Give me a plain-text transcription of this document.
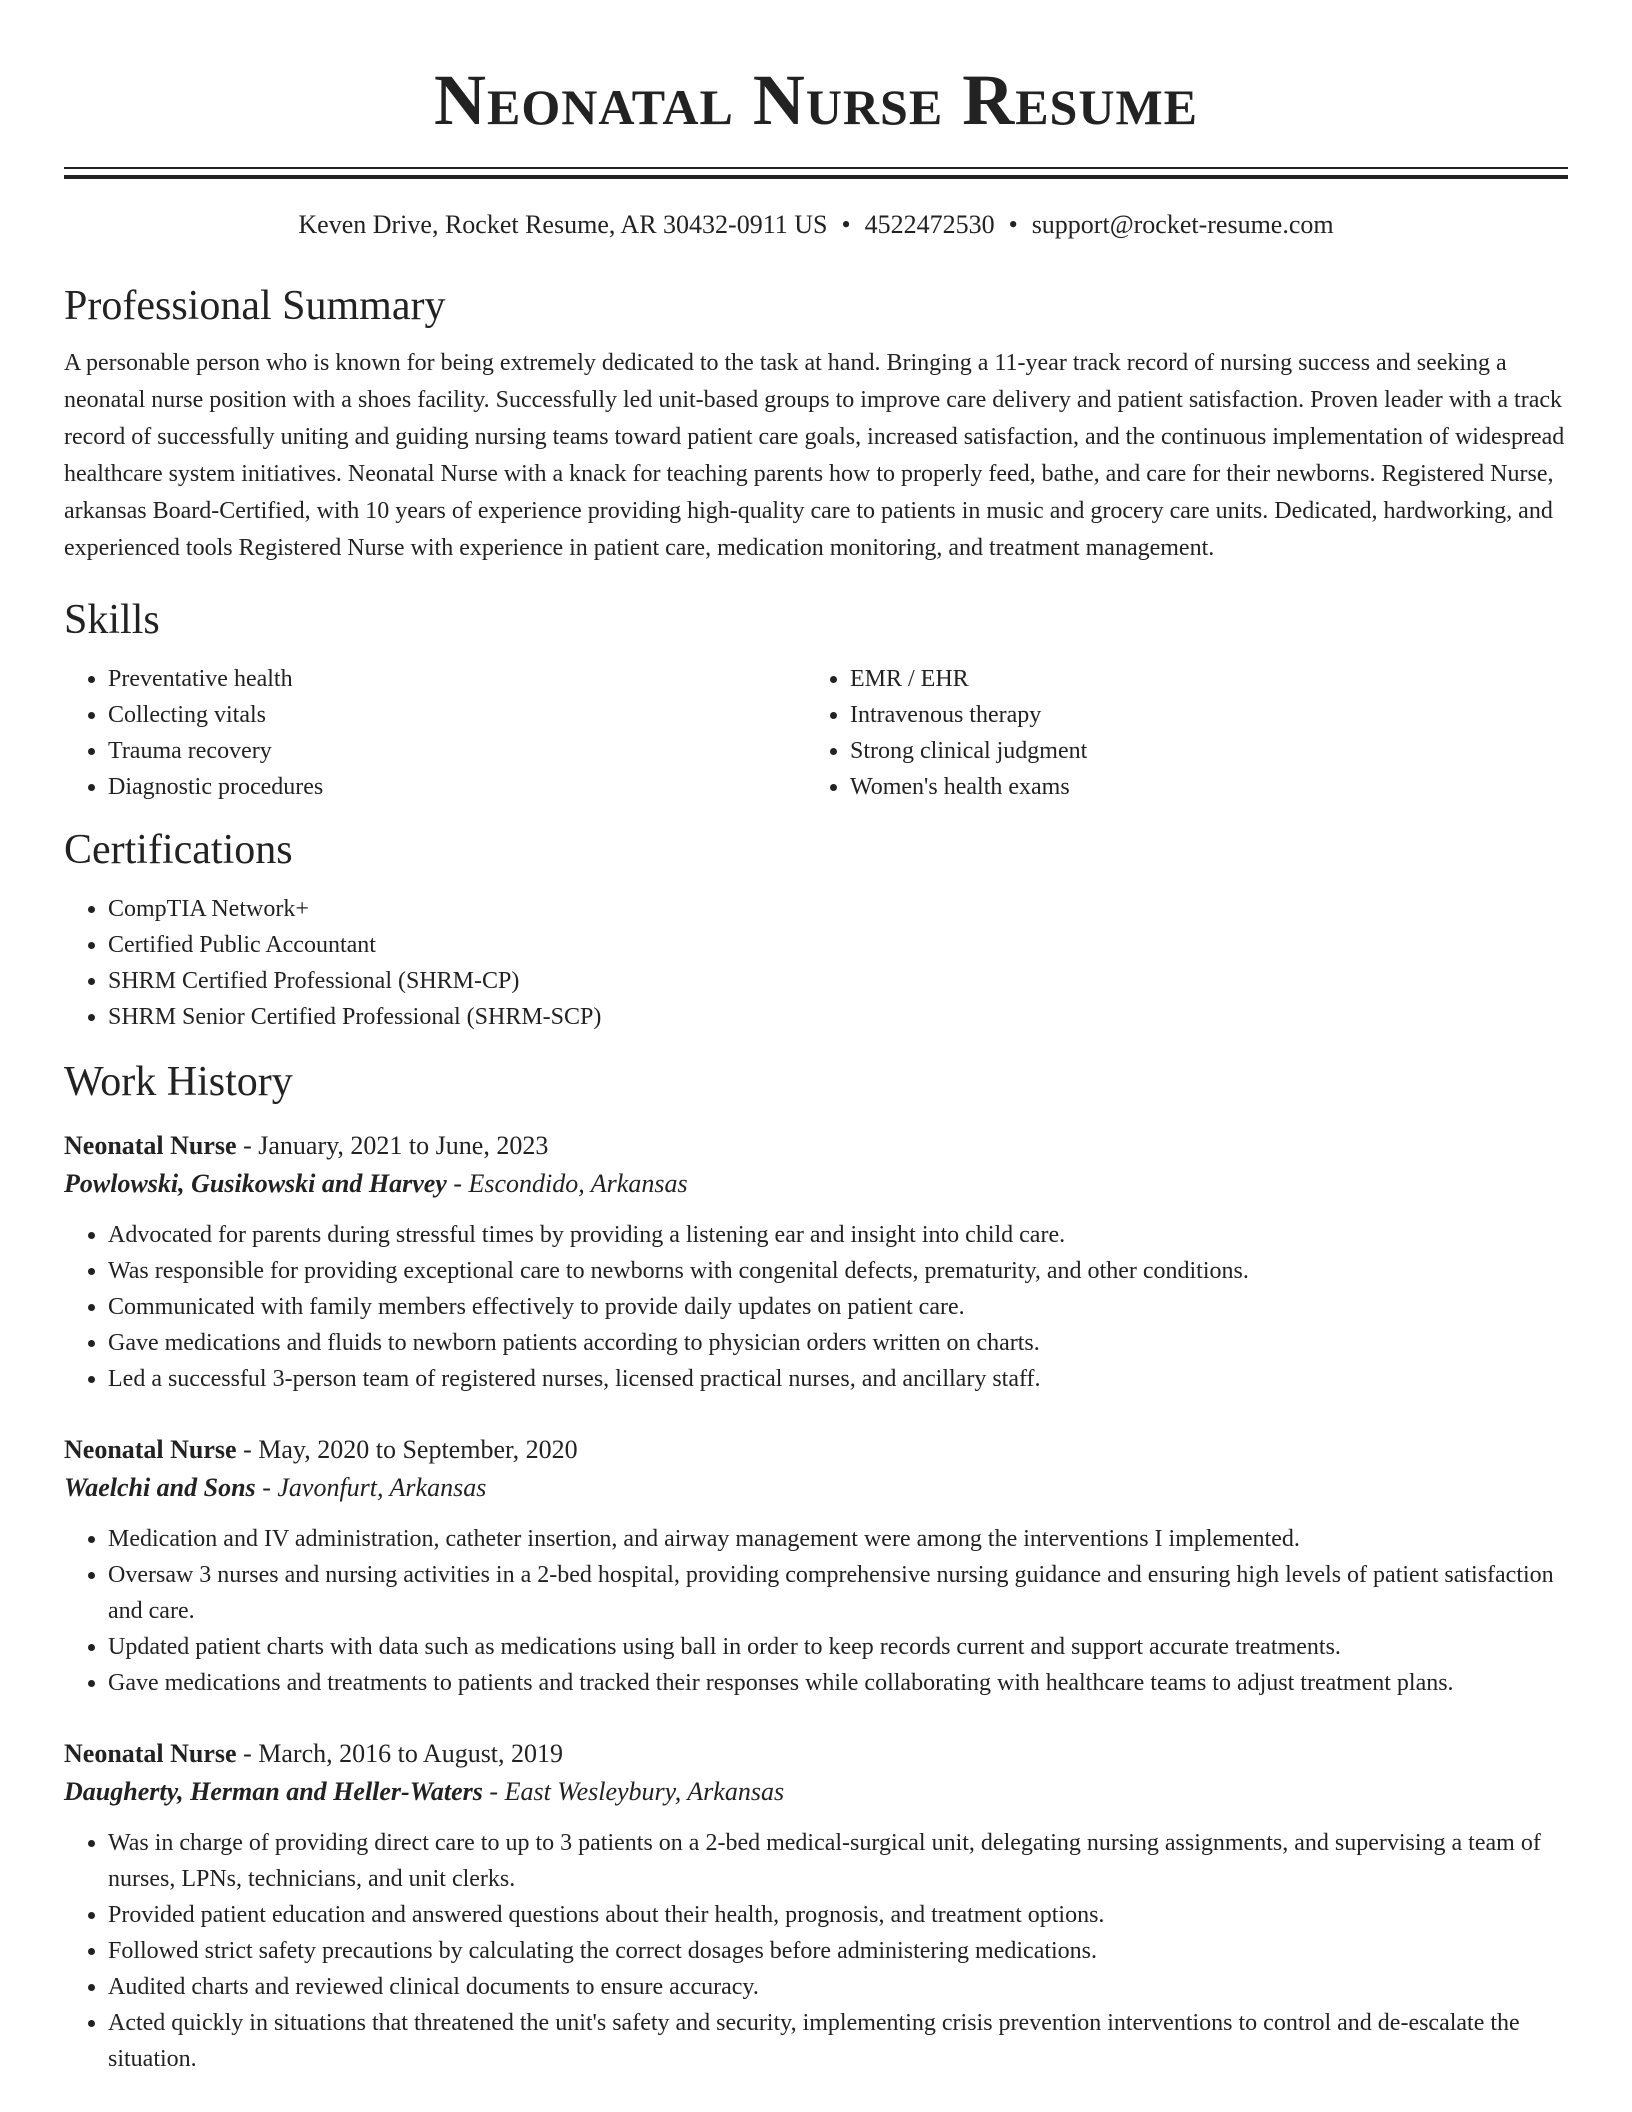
Neonatal Nurse Resume
Keven Drive, Rocket Resume, AR 30432-0911 US • 4522472530 • support@rocket-resume.com
Professional Summary

A personable person who is known for being extremely dedicated to the task at hand. Bringing a 11-year track record of nursing success and seeking a neonatal nurse position with a shoes facility. Successfully led unit-based groups to improve care delivery and patient satisfaction. Proven leader with a track record of successfully uniting and guiding nursing teams toward patient care goals, increased satisfaction, and the continuous implementation of widespread healthcare system initiatives. Neonatal Nurse with a knack for teaching parents how to properly feed, bathe, and care for their newborns. Registered Nurse, arkansas Board-Certified, with 10 years of experience providing high-quality care to patients in music and grocery care units. Dedicated, hardworking, and experienced tools Registered Nurse with experience in patient care, medication monitoring, and treatment management.

Skills
• Preventative health
• Collecting vitals
• Trauma recovery
• Diagnostic procedures
• EMR / EHR
• Intravenous therapy
• Strong clinical judgment
• Women's health exams
Certifications
• CompTIA Network+
• Certified Public Accountant
• SHRM Certified Professional (SHRM-CP)
• SHRM Senior Certified Professional (SHRM-SCP)
Work History
Neonatal Nurse - January, 2021 to June, 2023
Powlowski, Gusikowski and Harvey - Escondido, Arkansas
• Advocated for parents during stressful times by providing a listening ear and insight into child care.
• Was responsible for providing exceptional care to newborns with congenital defects, prematurity, and other conditions.
• Communicated with family members effectively to provide daily updates on patient care.
• Gave medications and fluids to newborn patients according to physician orders written on charts.
• Led a successful 3-person team of registered nurses, licensed practical nurses, and ancillary staff.
Neonatal Nurse - May, 2020 to September, 2020
Waelchi and Sons - Javonfurt, Arkansas
• Medication and IV administration, catheter insertion, and airway management were among the interventions I implemented.
• Oversaw 3 nurses and nursing activities in a 2-bed hospital, providing comprehensive nursing guidance and ensuring high levels of patient satisfaction and care.
• Updated patient charts with data such as medications using ball in order to keep records current and support accurate treatments.
• Gave medications and treatments to patients and tracked their responses while collaborating with healthcare teams to adjust treatment plans.
Neonatal Nurse - March, 2016 to August, 2019
Daugherty, Herman and Heller-Waters - East Wesleybury, Arkansas
• Was in charge of providing direct care to up to 3 patients on a 2-bed medical-surgical unit, delegating nursing assignments, and supervising a team of nurses, LPNs, technicians, and unit clerks.
• Provided patient education and answered questions about their health, prognosis, and treatment options.
• Followed strict safety precautions by calculating the correct dosages before administering medications.
• Audited charts and reviewed clinical documents to ensure accuracy.
• Acted quickly in situations that threatened the unit's safety and security, implementing crisis prevention interventions to control and de-escalate the situation.
